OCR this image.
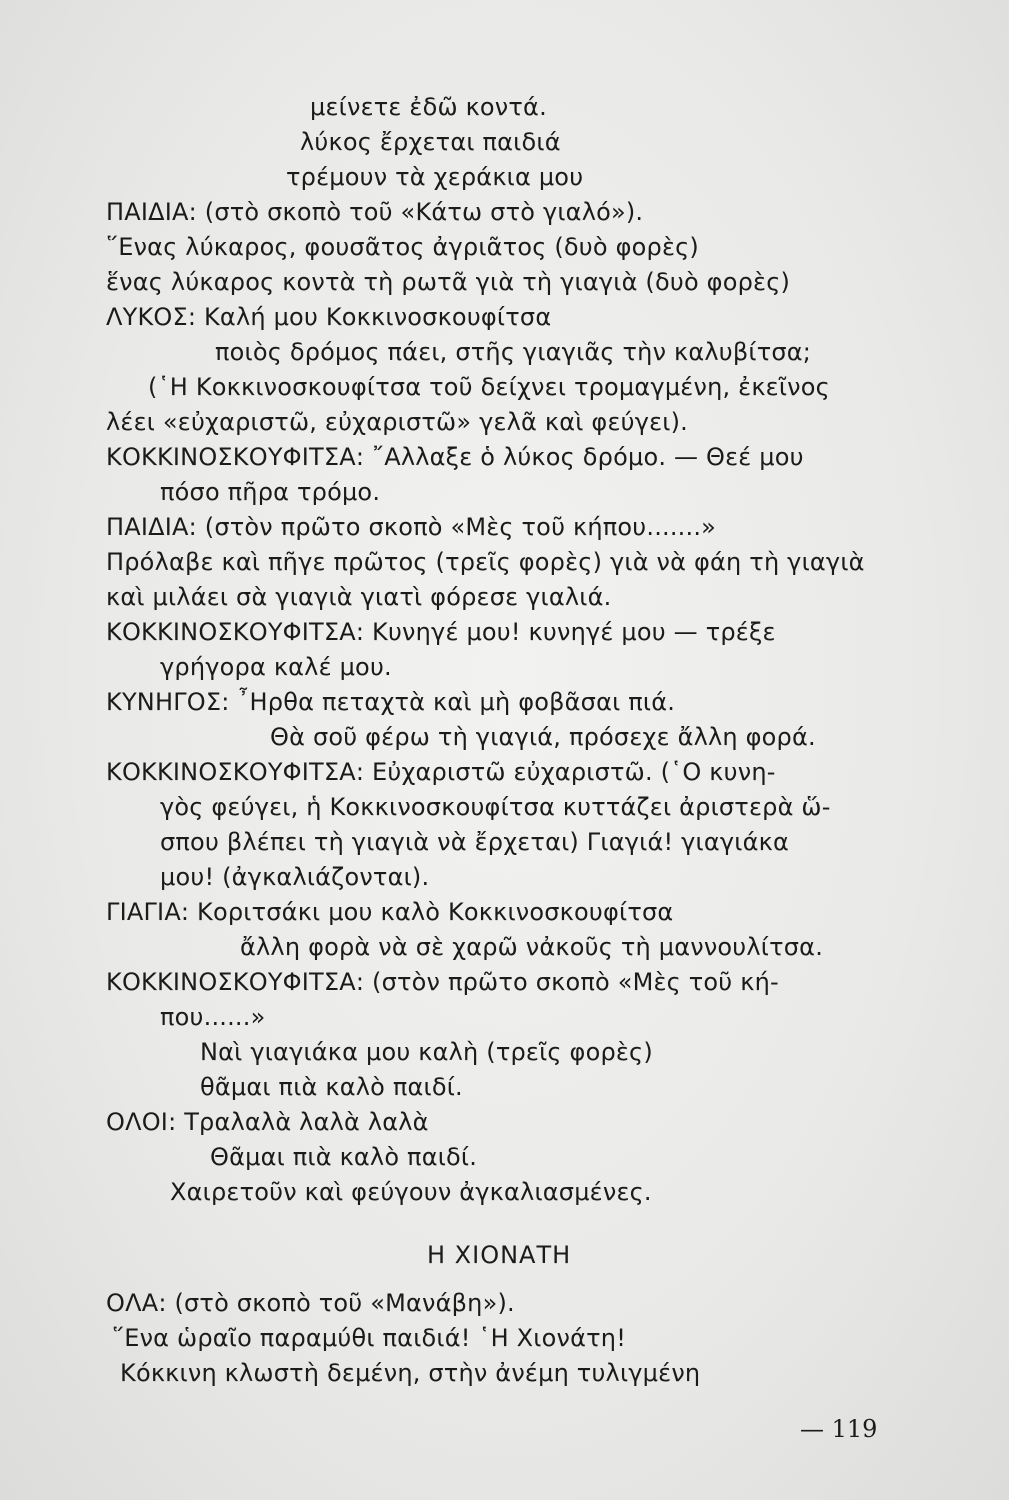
μείνετε ἐδῶ κοντά.
λύκος ἔρχεται παιδιά
τρέμουν τὰ χεράκια μου
ΠΑΙΔΙΑ: (στὸ σκοπὸ τοῦ «Κάτω στὸ γιαλό»).
῞Ενας λύκαρος, φουσᾶτος ἀγριᾶτος (δυὸ φορὲς)
ἕνας λύκαρος κοντὰ τὴ ρωτᾶ γιὰ τὴ γιαγιὰ (δυὸ φορὲς)
ΛΥΚΟΣ: Καλή μου Κοκκινοσκουφίτσα
ποιὸς δρόμος πάει, στῆς γιαγιᾶς τὴν καλυβίτσα;
(῾Η Κοκκινοσκουφίτσα τοῦ δείχνει τρομαγμένη, ἐκεῖνος
λέει «εὐχαριστῶ, εὐχαριστῶ» γελᾶ καὶ φεύγει).
ΚΟΚΚΙΝΟΣΚΟΥΦΙΤΣΑ: ῎Αλλαξε ὁ λύκος δρόμο. — Θεέ μου
πόσο πῆρα τρόμο.
ΠΑΙΔΙΑ: (στὸν πρῶτο σκοπὸ «Μὲς τοῦ κήπου.......»
Πρόλαβε καὶ πῆγε πρῶτος (τρεῖς φορὲς) γιὰ νὰ φάη τὴ γιαγιὰ
καὶ μιλάει σὰ γιαγιὰ γιατὶ φόρεσε γιαλιά.
ΚΟΚΚΙΝΟΣΚΟΥΦΙΤΣΑ: Κυνηγέ μου! κυνηγέ μου — τρέξε
γρήγορα καλέ μου.
ΚΥΝΗΓΟΣ: ῏Ηρθα πεταχτὰ καὶ μὴ φοβᾶσαι πιά.
Θὰ σοῦ φέρω τὴ γιαγιά, πρόσεχε ἄλλη φορά.
ΚΟΚΚΙΝΟΣΚΟΥΦΙΤΣΑ: Εὐχαριστῶ εὐχαριστῶ. (῾Ο κυνη-
γὸς φεύγει, ἡ Κοκκινοσκουφίτσα κυττάζει ἀριστερὰ ὥ-
σπου βλέπει τὴ γιαγιὰ νὰ ἔρχεται) Γιαγιά! γιαγιάκα
μου! (ἀγκαλιάζονται).
ΓΙΑΓΙΑ: Κοριτσάκι μου καλὸ Κοκκινοσκουφίτσα
ἄλλη φορὰ νὰ σὲ χαρῶ νἀκοῦς τὴ μαννουλίτσα.
ΚΟΚΚΙΝΟΣΚΟΥΦΙΤΣΑ: (στὸν πρῶτο σκοπὸ «Μὲς τοῦ κή-
που......»
Ναὶ γιαγιάκα μου καλὴ (τρεῖς φορὲς)
θᾶμαι πιὰ καλὸ παιδί.
ΟΛΟΙ: Τραλαλὰ λαλὰ λαλὰ
Θᾶμαι πιὰ καλὸ παιδί.
Χαιρετοῦν καὶ φεύγουν ἀγκαλιασμένες.
Η ΧΙΟΝΑΤΗ
ΟΛΑ: (στὸ σκοπὸ τοῦ «Μανάβη»).
῞Ενα ὡραῖο παραμύθι παιδιά! ῾Η Χιονάτη!
Κόκκινη κλωστὴ δεμένη, στὴν ἀνέμη τυλιγμένη
— 119
